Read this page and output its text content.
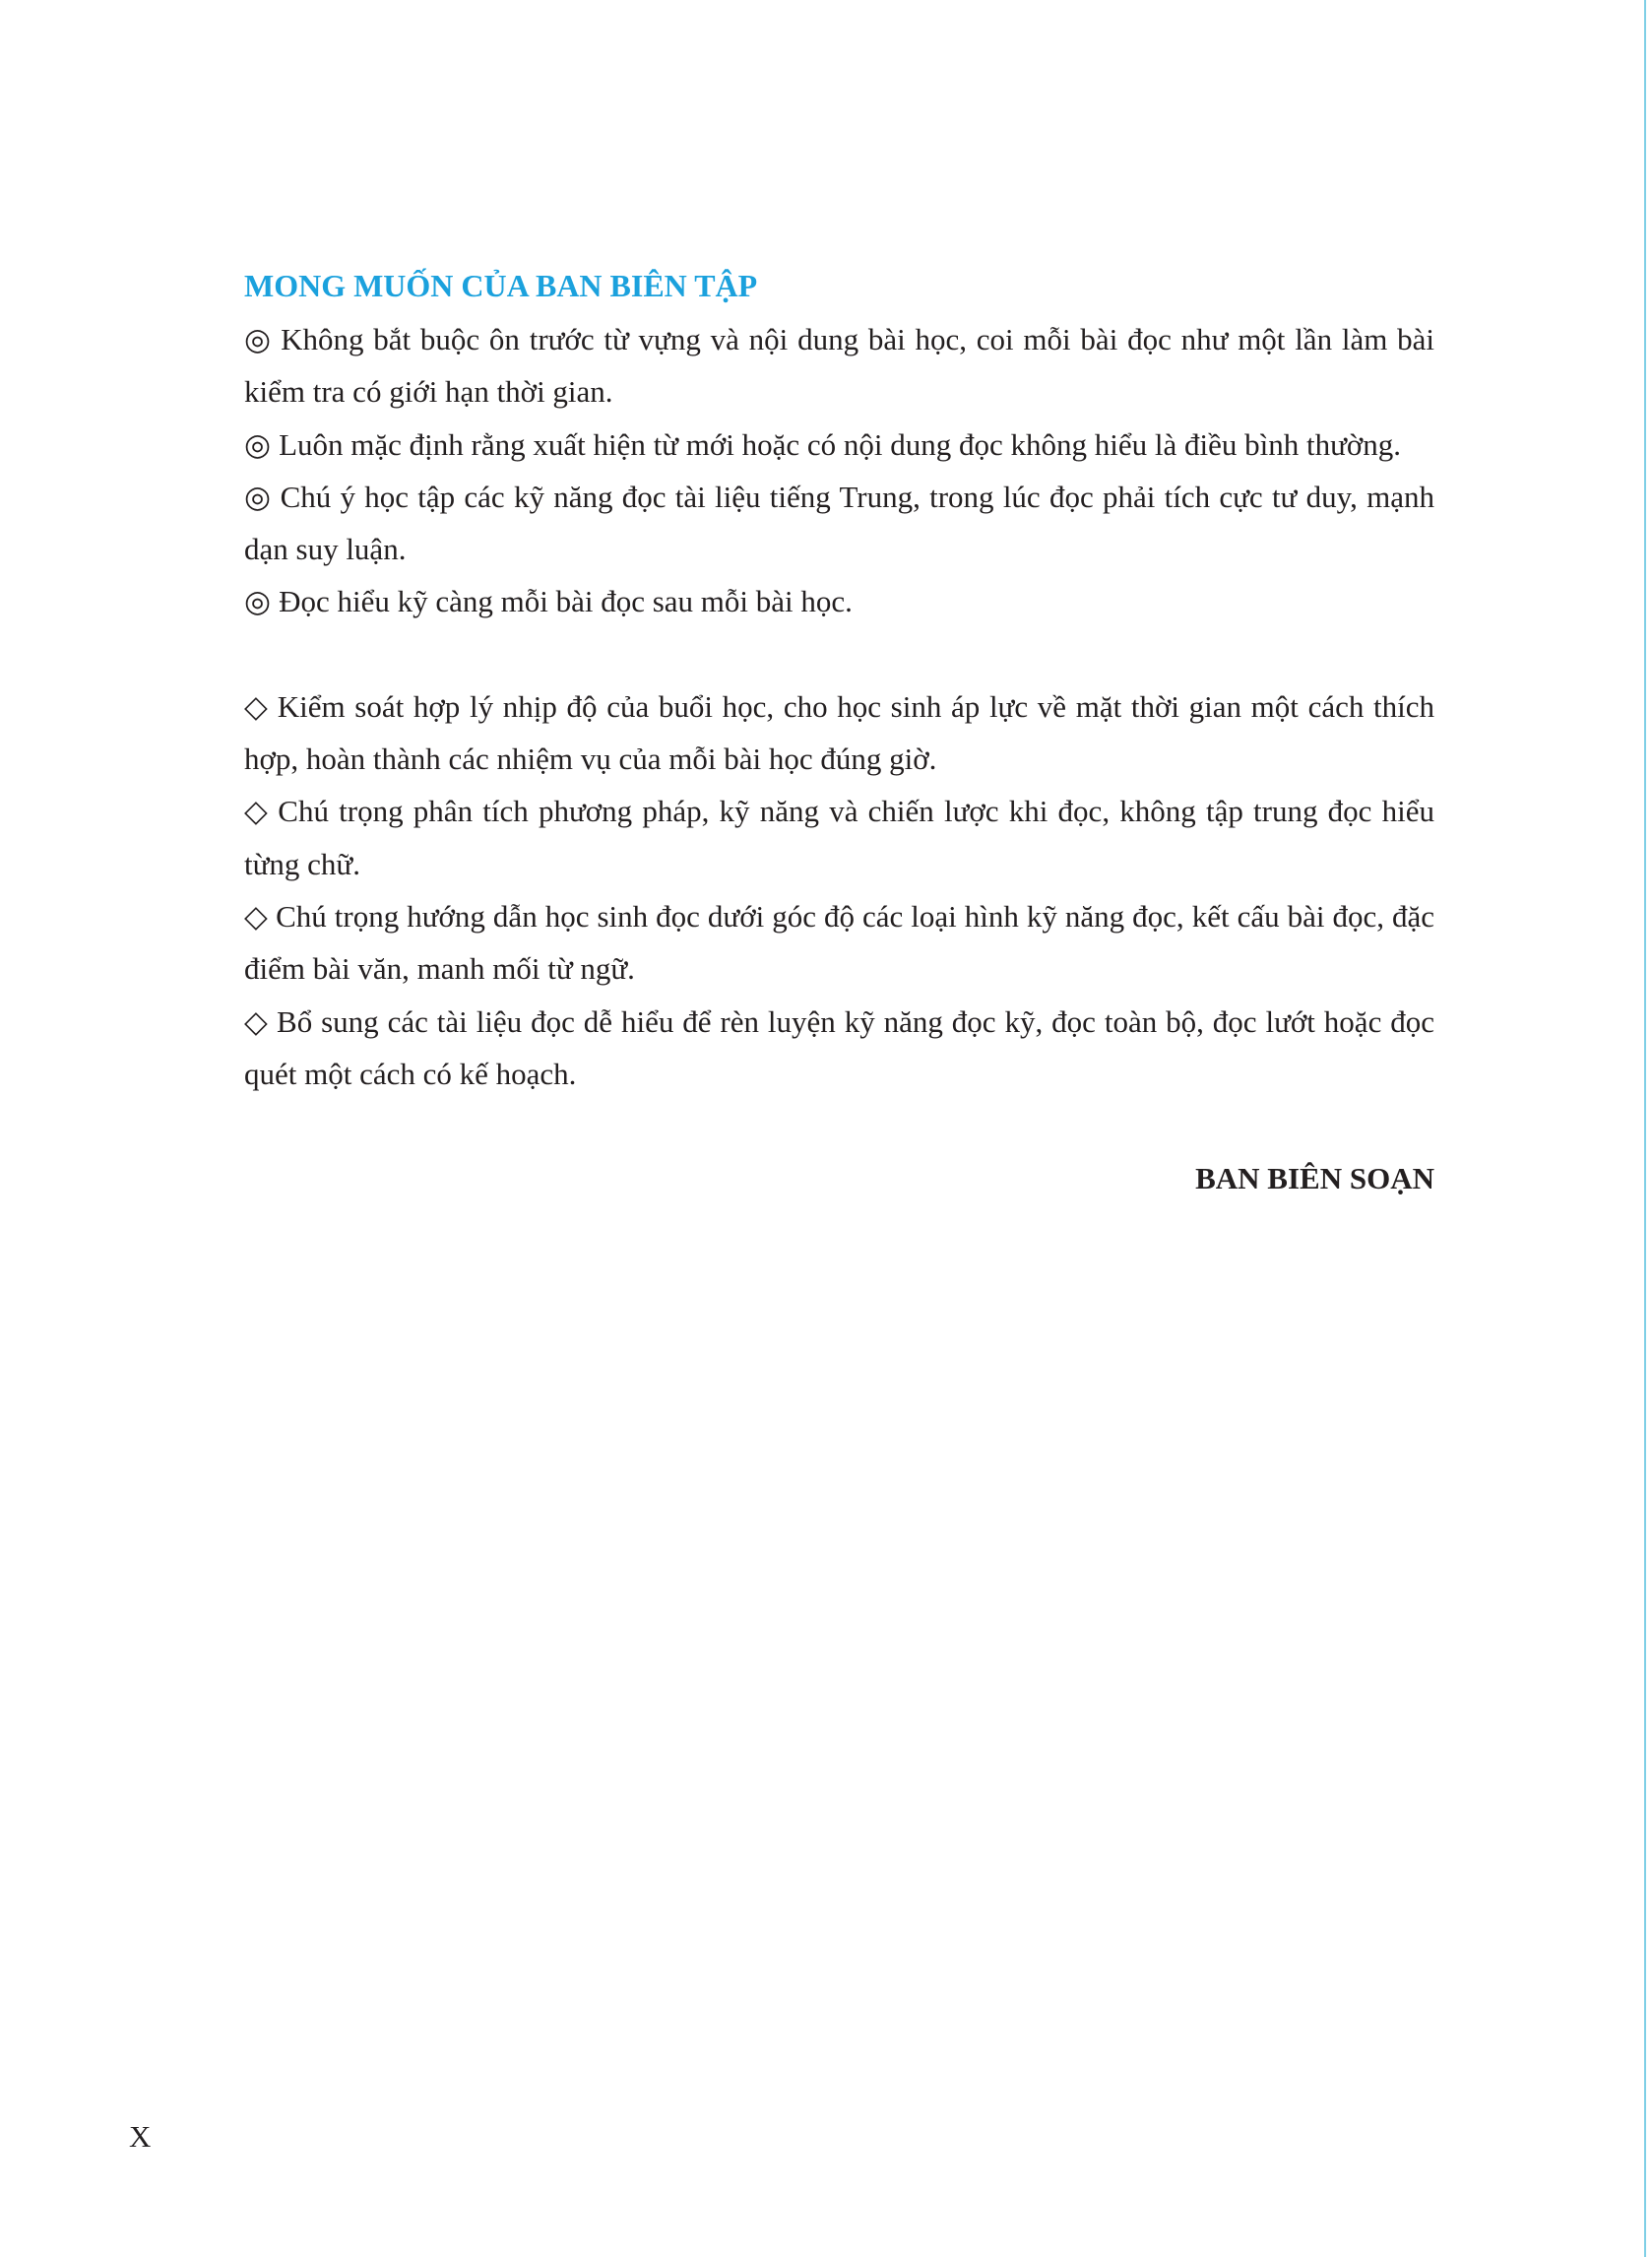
MONG MUỐN CỦA BAN BIÊN TẬP

◎ Không bắt buộc ôn trước từ vựng và nội dung bài học, coi mỗi bài đọc như một lần làm bài kiểm tra có giới hạn thời gian.

◎ Luôn mặc định rằng xuất hiện từ mới hoặc có nội dung đọc không hiểu là điều bình thường.

◎ Chú ý học tập các kỹ năng đọc tài liệu tiếng Trung, trong lúc đọc phải tích cực tư duy, mạnh dạn suy luận.

◎ Đọc hiểu kỹ càng mỗi bài đọc sau mỗi bài học.

◇ Kiểm soát hợp lý nhịp độ của buổi học, cho học sinh áp lực về mặt thời gian một cách thích hợp, hoàn thành các nhiệm vụ của mỗi bài học đúng giờ.

◇ Chú trọng phân tích phương pháp, kỹ năng và chiến lược khi đọc, không tập trung đọc hiểu từng chữ.

◇ Chú trọng hướng dẫn học sinh đọc dưới góc độ các loại hình kỹ năng đọc, kết cấu bài đọc, đặc điểm bài văn, manh mối từ ngữ.

◇ Bổ sung các tài liệu đọc dễ hiểu để rèn luyện kỹ năng đọc kỹ, đọc toàn bộ, đọc lướt hoặc đọc quét một cách có kế hoạch.

BAN BIÊN SOẠN
X
